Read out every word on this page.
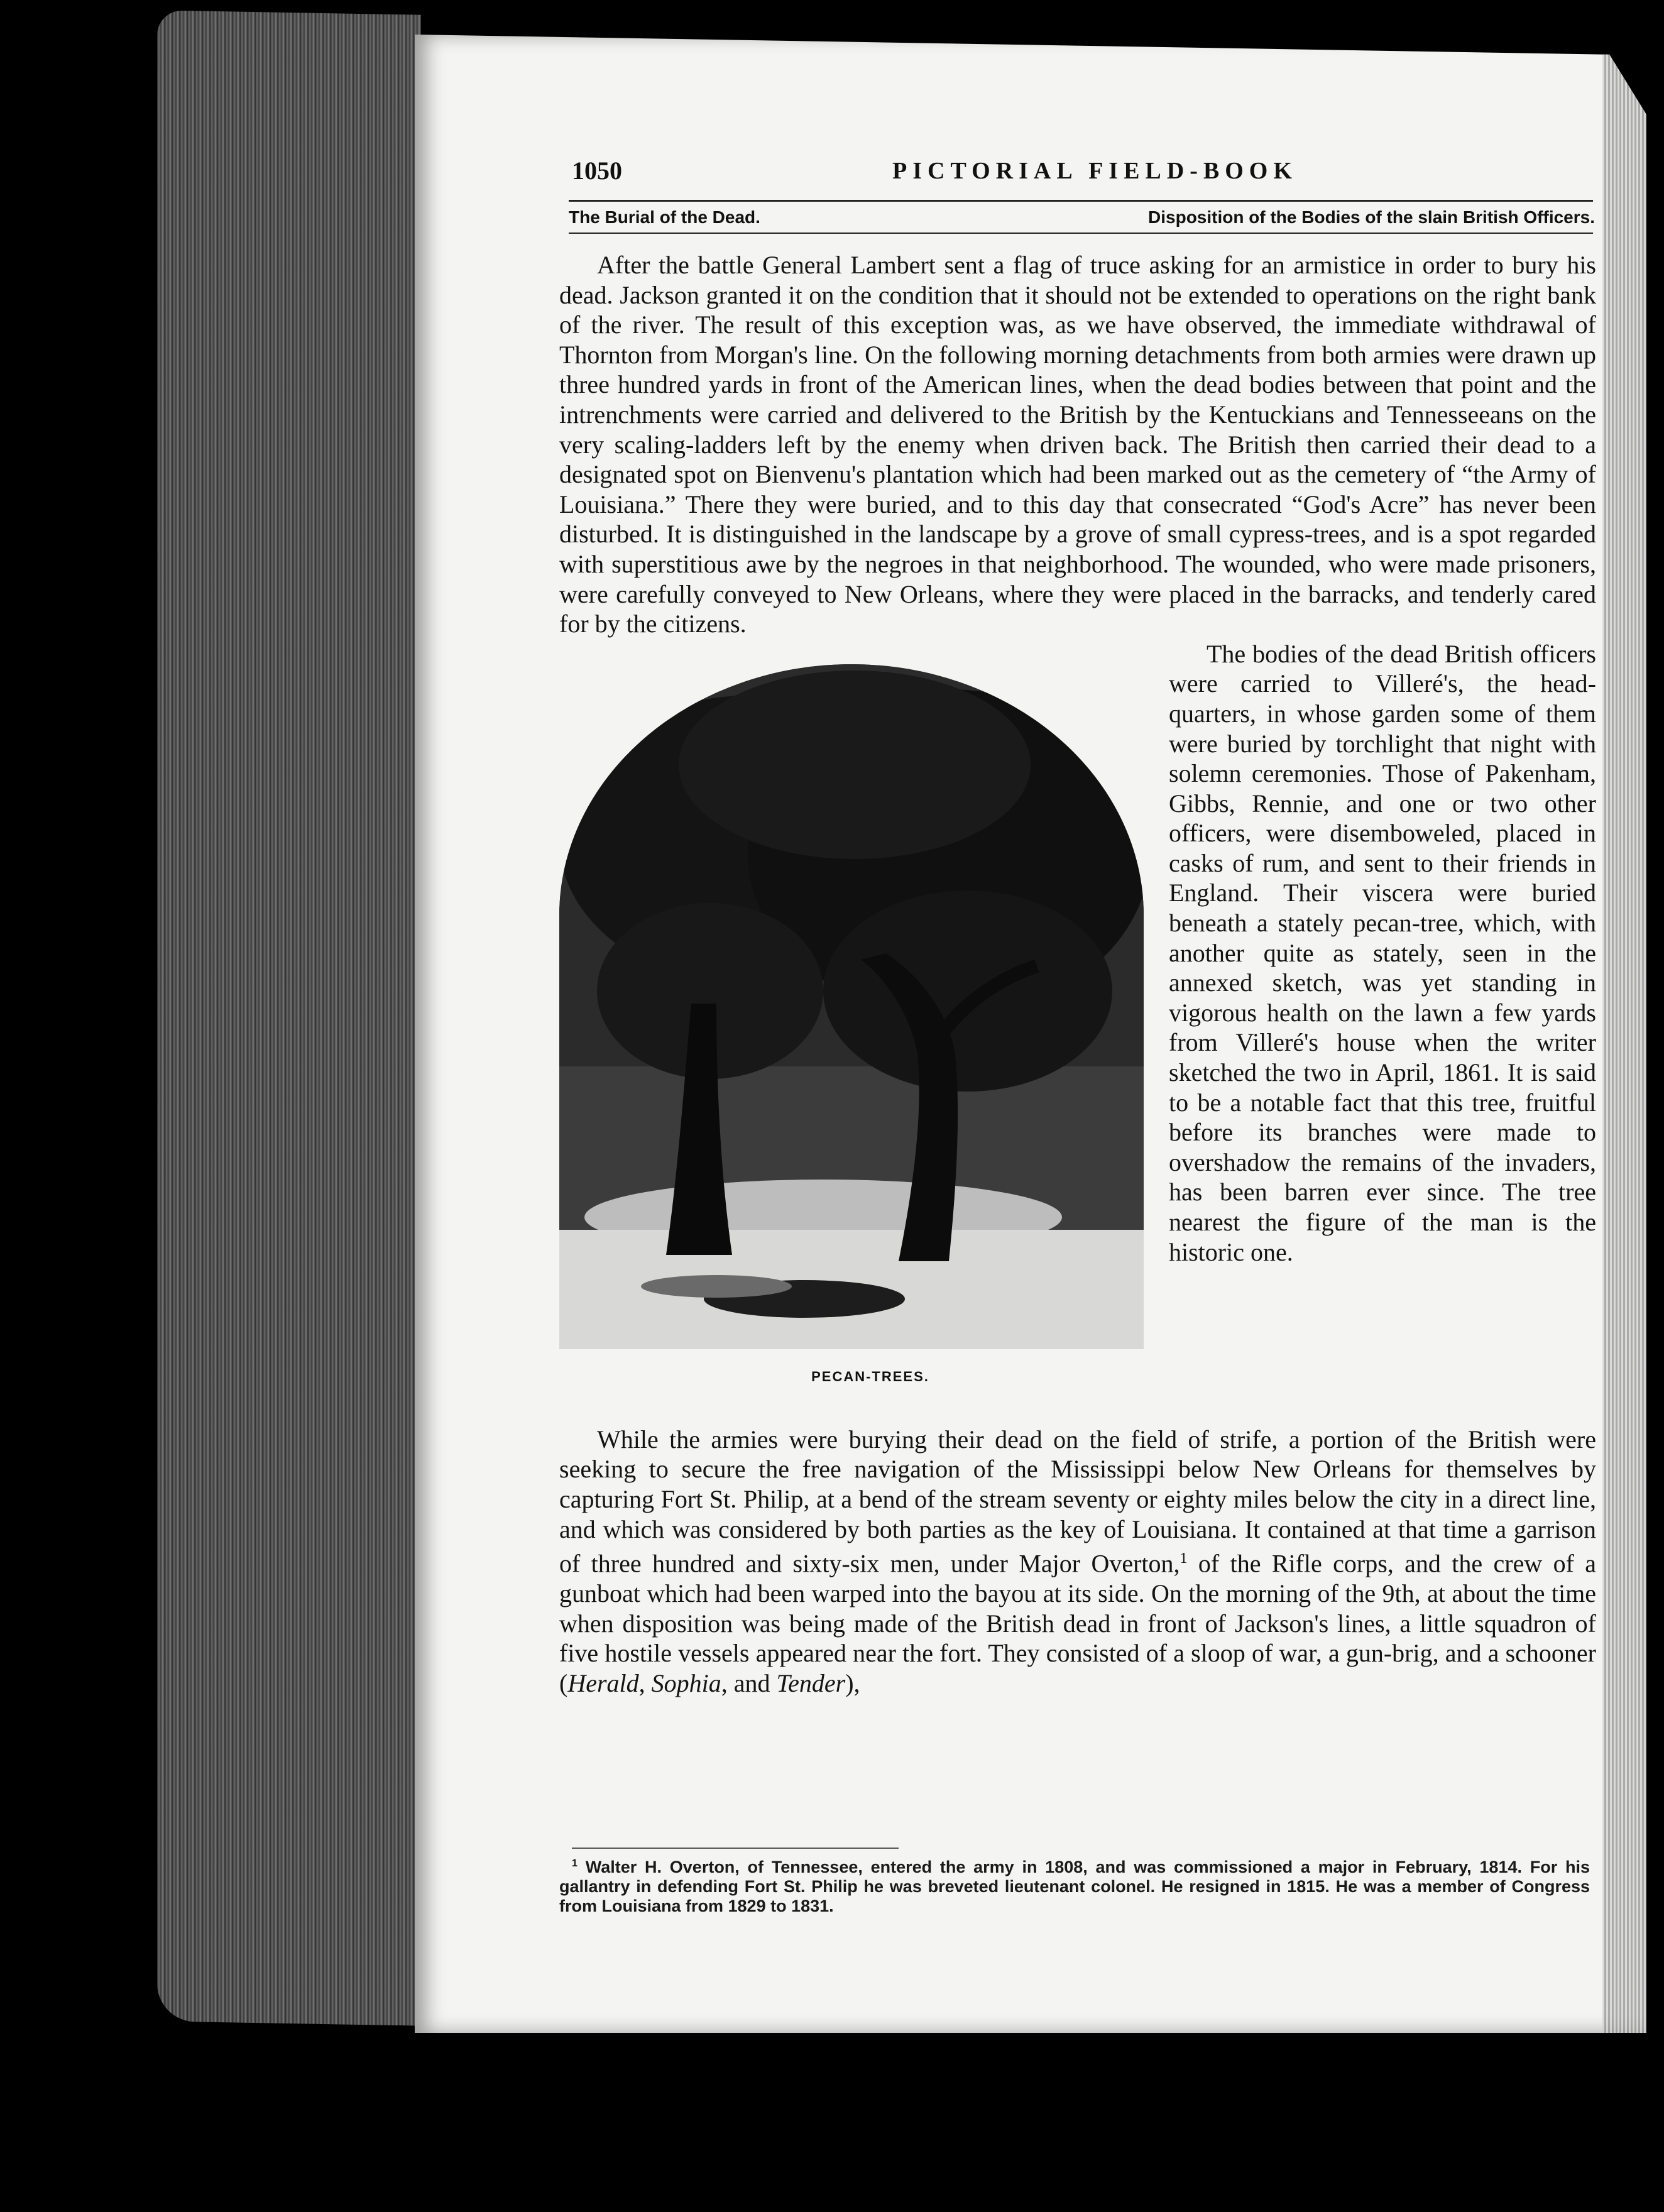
1050	PICTORIAL FIELD-BOOK
The Burial of the Dead.	Disposition of the Bodies of the slain British Officers.

After the battle General Lambert sent a flag of truce asking for an armistice in order to bury his dead. Jackson granted it on the condition that it should not be extended to operations on the right bank of the river. The result of this exception was, as we have observed, the immediate withdrawal of Thornton from Morgan's line. On the following morning detachments from both armies were drawn up three hundred yards in front of the American lines, when the dead bodies between that point and the intrenchments were carried and delivered to the British by the Kentuckians and Tennesseeans on the very scaling-ladders left by the enemy when driven back. The British then carried their dead to a designated spot on Bienvenu's plantation which had been marked out as the cemetery of “the Army of Louisiana.” There they were buried, and to this day that consecrated “God's Acre” has never been disturbed. It is distinguished in the landscape by a grove of small cypress-trees, and is a spot regarded with superstitious awe by the negroes in that neighborhood. The wounded, who were made prisoners, were carefully conveyed to New Orleans, where they were placed in the barracks, and tenderly cared for by the citizens.

PECAN-TREES.
The bodies of the dead British officers were carried to Villeré's, the head-quarters, in whose garden some of them were buried by torchlight that night with solemn ceremonies. Those of Pakenham, Gibbs, Rennie, and one or two other officers, were disemboweled, placed in casks of rum, and sent to their friends in England. Their viscera were buried beneath a stately pecan-tree, which, with another quite as stately, seen in the annexed sketch, was yet standing in vigorous health on the lawn a few yards from Villeré's house when the writer sketched the two in April, 1861. It is said to be a notable fact that this tree, fruitful before its branches were made to overshadow the remains of the invaders, has been barren ever since. The tree nearest the figure of the man is the historic one.

While the armies were burying their dead on the field of strife, a portion of the British were seeking to secure the free navigation of the Mississippi below New Orleans for themselves by capturing Fort St. Philip, at a bend of the stream seventy or eighty miles below the city in a direct line, and which was considered by both parties as the key of Louisiana. It contained at that time a garrison of three hundred and sixty-six men, under Major Overton,$^1$ of the Rifle corps, and the crew of a gunboat which had been warped into the bayou at its side. On the morning of the 9th, at about the time when disposition was being made of the British dead in front of Jackson's lines, a little squadron of five hostile vessels appeared near the fort. They consisted of a sloop of war, a gun-brig, and a schooner (Herald, Sophia, and Tender),

$^1$ Walter H. Overton, of Tennessee, entered the army in 1808, and was commissioned a major in February, 1814. For his gallantry in defending Fort St. Philip he was breveted lieutenant colonel. He resigned in 1815. He was a member of Congress from Louisiana from 1829 to 1831.
